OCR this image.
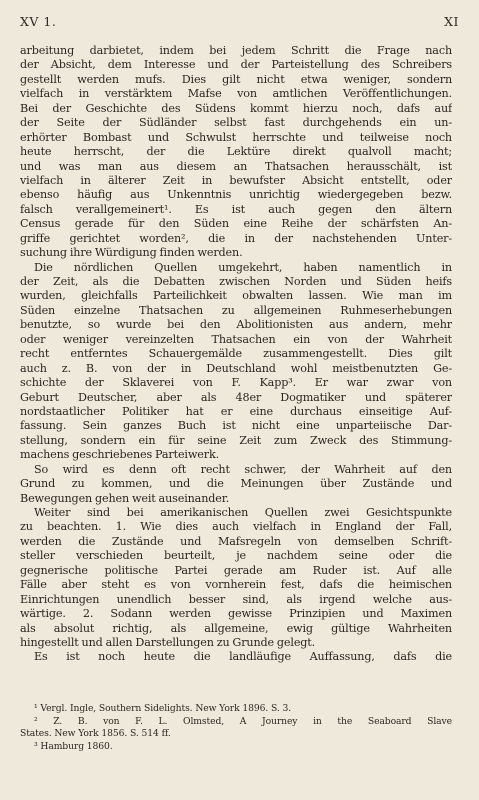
XV 1.	XI
arbeitung darbietet, indem bei jedem Schritt die Frage nach
der Absicht, dem Interesse und der Parteistellung des Schreibers
gestellt werden mufs. Dies gilt nicht etwa weniger, sondern
vielfach in verstärktem Mafse von amtlichen Veröffentlichungen.
Bei der Geschichte des Südens kommt hierzu noch, dafs auf
der Seite der Südländer selbst fast durchgehends ein un-
erhörter Bombast und Schwulst herrschte und teilweise noch
heute herrscht, der die Lektüre direkt qualvoll macht;
und was man aus diesem an Thatsachen herausschält, ist
vielfach in älterer Zeit in bewufster Absicht entstellt, oder
ebenso häufig aus Unkenntnis unrichtig wiedergegeben bezw.
falsch verallgemeinert¹. Es ist auch gegen den ältern
Census gerade für den Süden eine Reihe der schärfsten An-
griffe gerichtet worden², die in der nachstehenden Unter-
suchung ihre Würdigung finden werden.
Die nördlichen Quellen umgekehrt, haben namentlich in
der Zeit, als die Debatten zwischen Norden und Süden heifs
wurden, gleichfalls Parteilichkeit obwalten lassen. Wie man im
Süden einzelne Thatsachen zu allgemeinen Ruhmeserhebungen
benutzte, so wurde bei den Abolitionisten aus andern, mehr
oder weniger vereinzelten Thatsachen ein von der Wahrheit
recht entferntes Schauergemälde zusammengestellt. Dies gilt
auch z. B. von der in Deutschland wohl meistbenutzten Ge-
schichte der Sklaverei von F. Kapp³. Er war zwar von
Geburt Deutscher, aber als 48er Dogmatiker und späterer
nordstaatlicher Politiker hat er eine durchaus einseitige Auf-
fassung. Sein ganzes Buch ist nicht eine unparteiische Dar-
stellung, sondern ein für seine Zeit zum Zweck des Stimmung-
machens geschriebenes Parteiwerk.
So wird es denn oft recht schwer, der Wahrheit auf den
Grund zu kommen, und die Meinungen über Zustände und
Bewegungen gehen weit auseinander.
Weiter sind bei amerikanischen Quellen zwei Gesichtspunkte
zu beachten. 1. Wie dies auch vielfach in England der Fall,
werden die Zustände und Mafsregeln von demselben Schrift-
steller verschieden beurteilt, je nachdem seine oder die
gegnerische politische Partei gerade am Ruder ist. Auf alle
Fälle aber steht es von vornherein fest, dafs die heimischen
Einrichtungen unendlich besser sind, als irgend welche aus-
wärtige. 2. Sodann werden gewisse Prinzipien und Maximen
als absolut richtig, als allgemeine, ewig gültige Wahrheiten
hingestellt und allen Darstellungen zu Grunde gelegt.
Es ist noch heute die landläufige Auffassung, dafs die
¹ Vergl. Ingle, Southern Sidelights. New York 1896. S. 3.
² Z. B. von F. L. Olmsted, A Journey in the Seaboard Slave
States. New York 1856. S. 514 ff.
³ Hamburg 1860.
